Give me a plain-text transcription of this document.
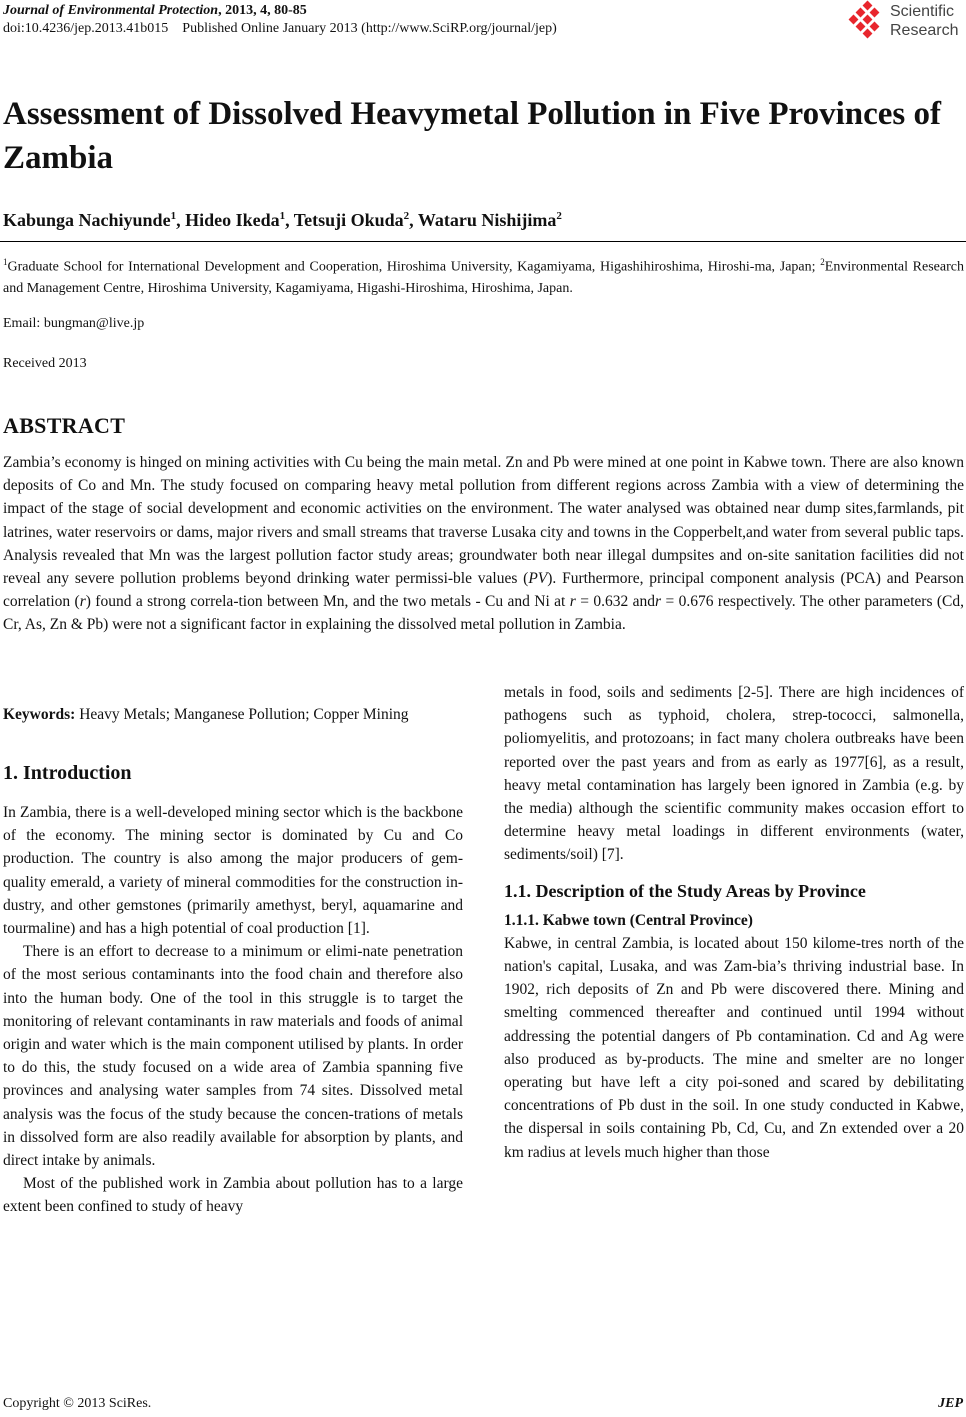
Journal of Environmental Protection, 2013, 4, 80-85
doi:10.4236/jep.2013.41b015 Published Online January 2013 (http://www.SciRP.org/journal/jep)
Scientific
Research
Assessment of Dissolved Heavymetal Pollution in Five Provinces of Zambia
Kabunga Nachiyunde$^1$, Hideo Ikeda$^1$, Tetsuji Okuda$^2$, Wataru Nishijima$^2$
$^1$Graduate School for International Development and Cooperation, Hiroshima University, Kagamiyama, Higashihiroshima, Hiroshi-ma, Japan; $^2$Environmental Research and Management Centre, Hiroshima University, Kagamiyama, Higashi-Hiroshima, Hiroshima, Japan.
Email: bungman@live.jp
Received 2013
ABSTRACT

Zambia’s economy is hinged on mining activities with Cu being the main metal. Zn and Pb were mined at one point in Kabwe town. There are also known deposits of Co and Mn. The study focused on comparing heavy metal pollution from different regions across Zambia with a view of determining the impact of the stage of social development and economic activities on the environment. The water analysed was obtained near dump sites,farmlands, pit latrines, water reservoirs or dams, major rivers and small streams that traverse Lusaka city and towns in the Copperbelt,and water from several public taps. Analysis revealed that Mn was the largest pollution factor study areas; groundwater both near illegal dumpsites and on-site sanitation facilities did not reveal any severe pollution problems beyond drinking water permissi-ble values (PV). Furthermore, principal component analysis (PCA) and Pearson correlation (r) found a strong correla-tion between Mn, and the two metals - Cu and Ni at r = 0.632 andr = 0.676 respectively. The other parameters (Cd, Cr, As, Zn & Pb) were not a significant factor in explaining the dissolved metal pollution in Zambia.

Keywords: Heavy Metals; Manganese Pollution; Copper Mining
1. Introduction

In Zambia, there is a well-developed mining sector which is the backbone of the economy. The mining sector is dominated by Cu and Co production. The country is also among the major producers of gem-quality emerald, a variety of mineral commodities for the construction in-dustry, and other gemstones (primarily amethyst, beryl, aquamarine and tourmaline) and has a high potential of coal production [1].

There is an effort to decrease to a minimum or elimi-nate penetration of the most serious contaminants into the food chain and therefore also into the human body. One of the tool in this struggle is to target the monitoring of relevant contaminants in raw materials and foods of animal origin and water which is the main component utilised by plants. In order to do this, the study focused on a wide area of Zambia spanning five provinces and analysing water samples from 74 sites. Dissolved metal analysis was the focus of the study because the concen-trations of metals in dissolved form are also readily available for absorption by plants, and direct intake by animals.

Most of the published work in Zambia about pollution has to a large extent been confined to study of heavy

metals in food, soils and sediments [2-5]. There are high incidences of pathogens such as typhoid, cholera, strep-tococci, salmonella, poliomyelitis, and protozoans; in fact many cholera outbreaks have been reported over the past years and from as early as 1977[6], as a result, heavy metal contamination has largely been ignored in Zambia (e.g. by the media) although the scientific community makes occasion effort to determine heavy metal loadings in different environments (water, sediments/soil) [7].

1.1. Description of the Study Areas by Province

1.1.1. Kabwe town (Central Province)

Kabwe, in central Zambia, is located about 150 kilome-tres north of the nation's capital, Lusaka, and was Zam-bia’s thriving industrial base. In 1902, rich deposits of Zn and Pb were discovered there. Mining and smelting commenced thereafter and continued until 1994 without addressing the potential dangers of Pb contamination. Cd and Ag were also produced as by-products. The mine and smelter are no longer operating but have left a city poi-soned and scared by debilitating concentrations of Pb dust in the soil. In one study conducted in Kabwe, the dispersal in soils containing Pb, Cd, Cu, and Zn extended over a 20 km radius at levels much higher than those

Copyright © 2013 SciRes.	JEP
